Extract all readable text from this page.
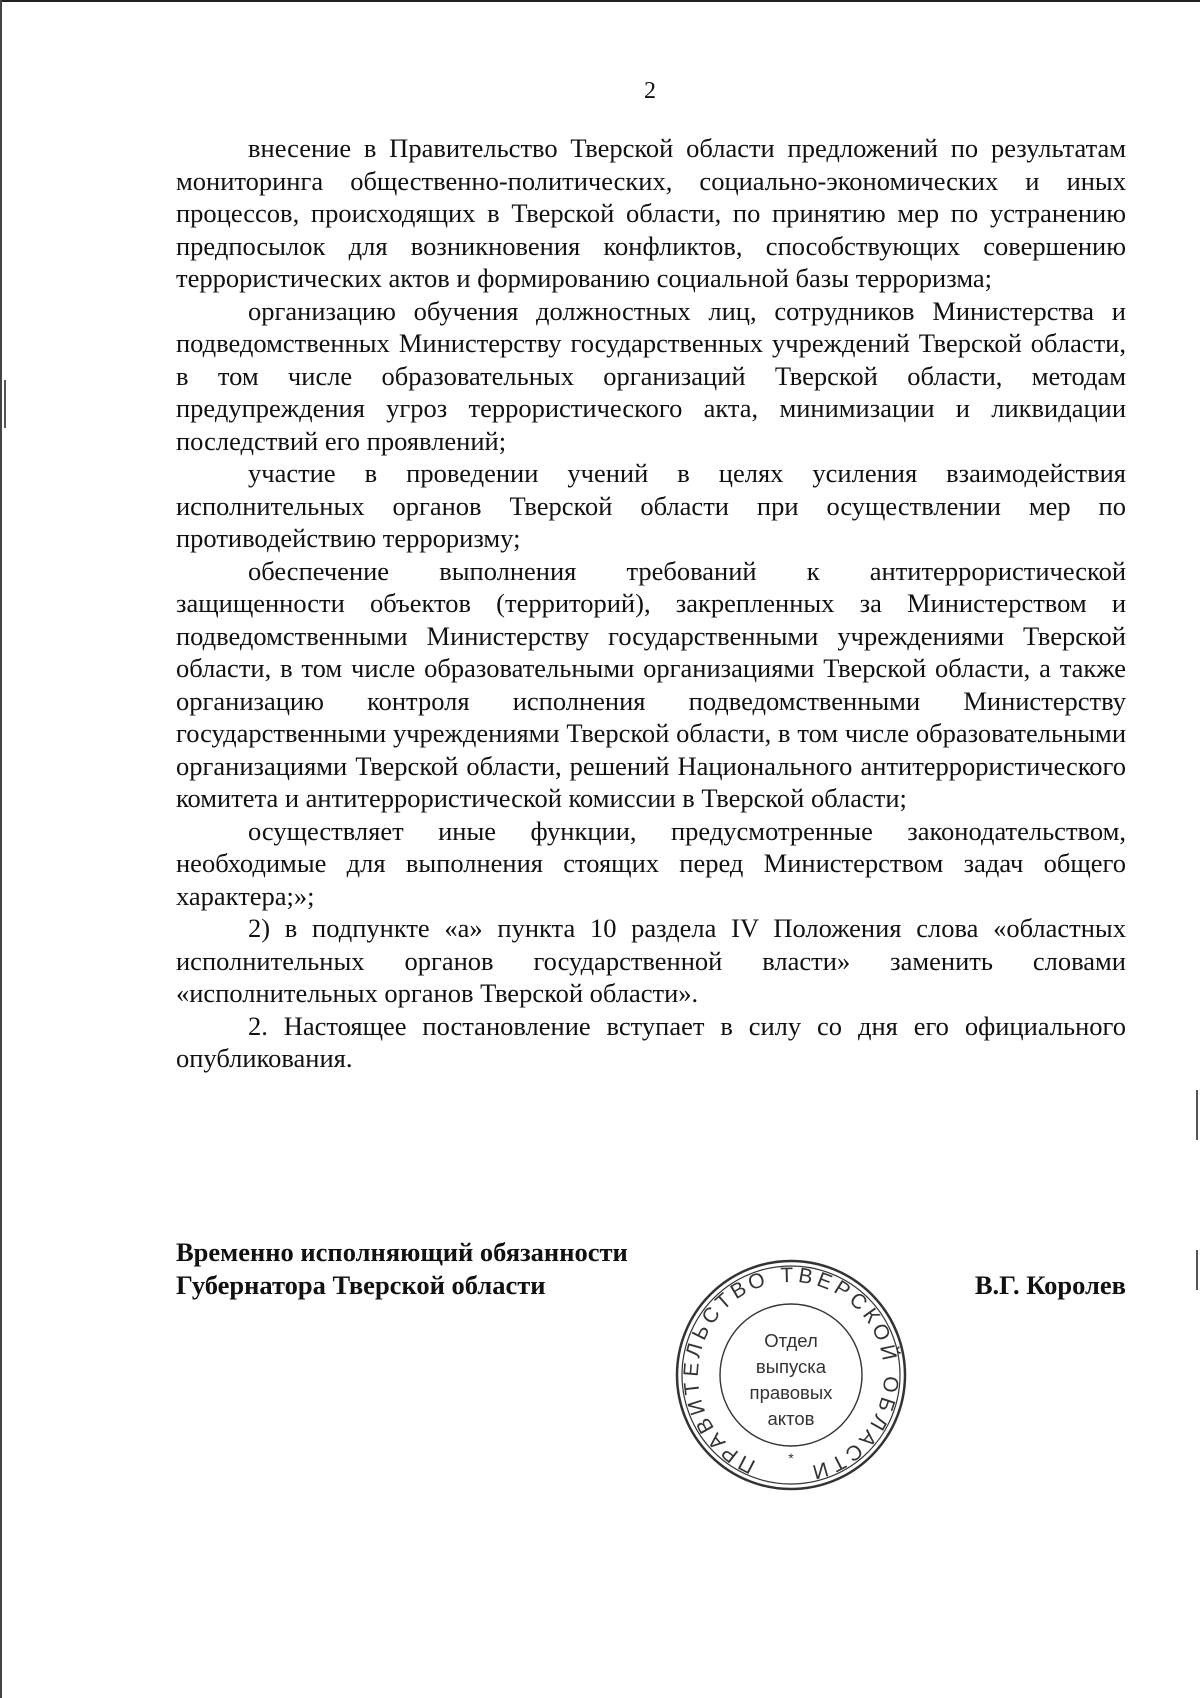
2

внесение в Правительство Тверской области предложений по результатам мониторинга общественно-политических, социально-экономических и иных процессов, происходящих в Тверской области, по принятию мер по устранению предпосылок для возникновения конфликтов, способствующих совершению террористических актов и формированию социальной базы терроризма;

организацию обучения должностных лиц, сотрудников Министерства и подведомственных Министерству государственных учреждений Тверской области, в том числе образовательных организаций Тверской области, методам предупреждения угроз террористического акта, минимизации и ликвидации последствий его проявлений;

участие в проведении учений в целях усиления взаимодействия исполнительных органов Тверской области при осуществлении мер по противодействию терроризму;

обеспечение выполнения требований к антитеррористической защищенности объектов (территорий), закрепленных за Министерством и подведомственными Министерству государственными учреждениями Тверской области, в том числе образовательными организациями Тверской области, а также организацию контроля исполнения подведомственными Министерству государственными учреждениями Тверской области, в том числе образовательными организациями Тверской области, решений Национального антитеррористического комитета и антитеррористической комиссии в Тверской области;

осуществляет иные функции, предусмотренные законодательством, необходимые для выполнения стоящих перед Министерством задач общего характера;»;

2) в подпункте «а» пункта 10 раздела IV Положения слова «областных исполнительных органов государственной власти» заменить словами «исполнительных органов Тверской области».

2. Настоящее постановление вступает в силу со дня его официального опубликования.

Временно исполняющий обязанности
Губернатора Тверской области
ПРАВИТЕЛЬСТВО ТВЕРСКОЙ ОБЛАСТИ
*
Отдел
выпуска
правовых
актов
В.Г. Королев
